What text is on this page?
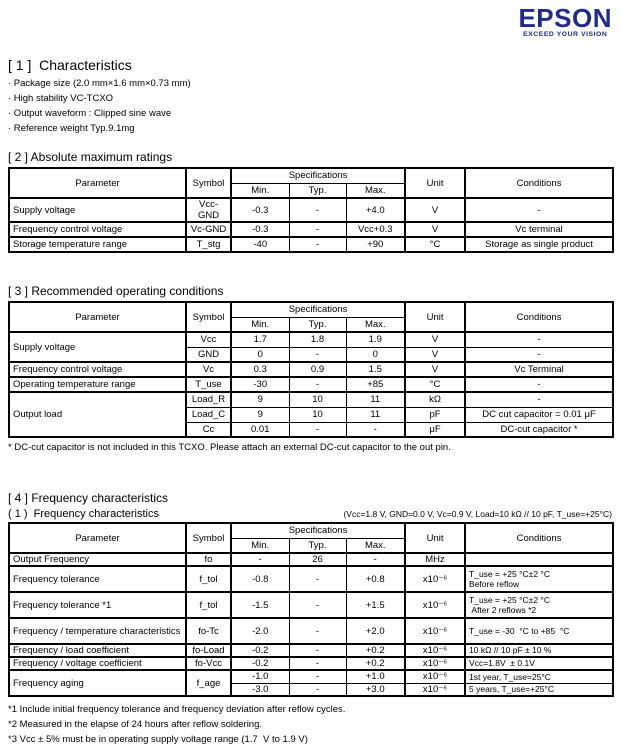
EPSON
EXCEED YOUR VISION
[ 1 ]  Characteristics
· Package size (2.0 mm×1.6 mm×0.73 mm)
· High stability VC-TCXO
· Output waveform : Clipped sine wave
· Reference weight Typ.9.1mg
[ 2 ] Absolute maximum ratings
Parameter	Symbol	Specifications			Unit	Conditions
		Min.	Typ.	Max.		
Supply voltage	Vcc-GND	-0.3	-	+4.0	V	-
Frequency control voltage	Vc-GND	-0.3	-	Vcc+0.3	V	Vc terminal
Storage temperature range	T_stg	-40	-	+90	°C	Storage as single product
[ 3 ] Recommended operating conditions
Parameter	Symbol	Specifications			Unit	Conditions
		Min.	Typ.	Max.		
Supply voltage	Vcc	1.7	1.8	1.9	V	-
	GND	0	-	0	V	-
Frequency control voltage	Vc	0.3	0.9	1.5	V	Vc Terminal
Operating temperature range	T_use	-30	-	+85	°C	-
Output load	Load_R	9	10	11	kΩ	-
	Load_C	9	10	11	pF	DC cut capacitor = 0.01 μF
	Cc	0.01	-	-	μF	DC-cut capacitor *
* DC-cut capacitor is not included in this TCXO. Please attach an external DC-cut capacitor to the out pin.
[ 4 ] Frequency characteristics
( 1 )  Frequency characteristics	(Vcc=1.8 V, GND=0.0 V, Vc=0.9 V, Load=10 kΩ // 10 pF, T_use=+25°C)
Parameter	Symbol	Specifications			Unit	Conditions
		Min.	Typ.	Max.		
Output Frequency	fo	-	26	-	MHz	
Frequency tolerance	f_tol	-0.8	-	+0.8	x10⁻⁶	T_use = +25 °C±2 °C
Before reflow

Frequency tolerance *1	f_tol	-1.5	-	+1.5	x10⁻⁶	T_use = +25 °C±2 °C
After 2 reflows *2

Frequency / temperature characteristics	fo-Tc	-2.0	-	+2.0	x10⁻⁶	T_use = -30  °C to +85  °C
Frequency / load coefficient	fo-Load	-0.2	-	+0.2	x10⁻⁶	10 kΩ // 10 pF ± 10 %
Frequency / voltage coefficient	fo-Vcc	-0.2	-	+0.2	x10⁻⁶	Vcc=1.8V  ± 0.1V
Frequency aging	f_age	-1.0	-	+1.0	x10⁻⁶	1st year, T_use=25°C
		-3.0	-	+3.0	x10⁻⁶	5 years, T_use=+25°C
*1 Include initial frequency tolerance and frequency deviation after reflow cycles.
*2 Measured in the elapse of 24 hours after reflow soldering.
*3 Vcc ± 5% must be in operating supply voltage range (1.7  V to 1.9 V)
